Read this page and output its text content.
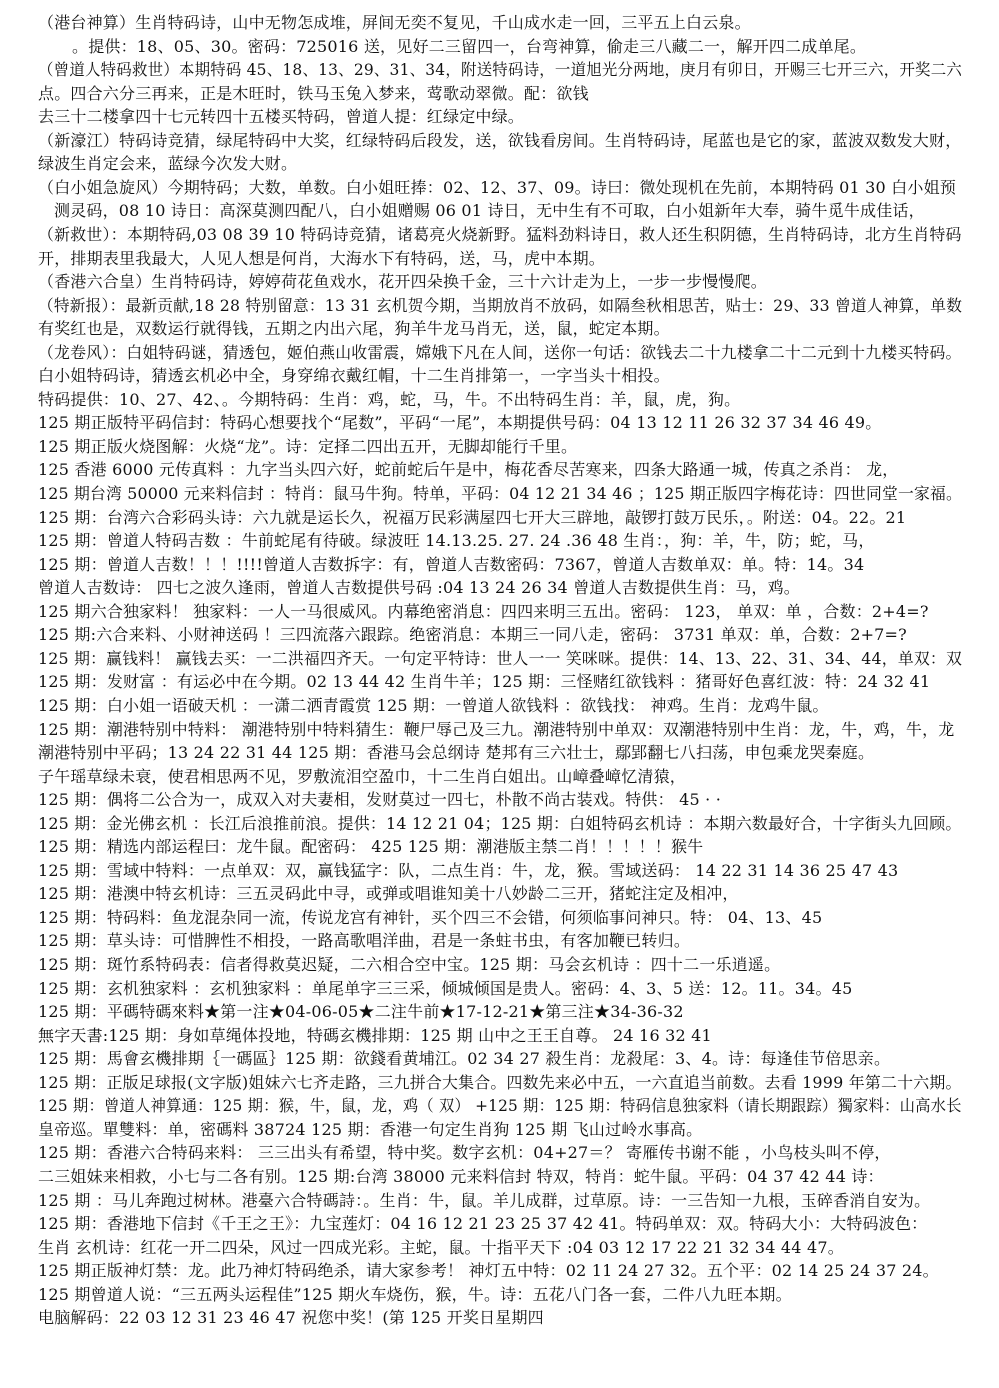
（港台神算）生肖特码诗，山中无物怎成堆，屏间无奕不复见，千山成水走一回，三平五上白云泉。
。提供：18、05、30。密码：725016 送，见好二三留四一，台弯神算，偷走三八藏二一，解开四二成单尾。
（曾道人特码救世）本期特码 45、18、13、29、31、34，附送特码诗，一道旭光分两地，庚月有卯日，开赐三七开三六，开奖二六
点。四合六分三再来，正是木旺时，铁马玉兔入梦来，莺歌动翠微。配：欲钱
去三十二楼拿四十七元转四十五楼买特码，曾道人提：红绿定中绿。
（新濠江）特码诗竞猜，绿尾特码中大奖，红绿特码后段发，送，欲钱看房间。生肖特码诗，尾蓝也是它的家，蓝波双数发大财，
绿波生肖定会来，蓝绿今次发大财。
（白小姐急旋风）今期特码；大数，单数。白小姐旺捧：02、12、37、09。诗曰：微处现机在先前，本期特码 01 30 白小姐预
测灵码，08 10 诗日：高深莫测四配八，白小姐赠赐 06 01 诗日，无中生有不可取，白小姐新年大奉，骑牛觅牛成佳话，
（新救世）：本期特码,03 08 39 10 特码诗竞猜，诸葛亮火烧新野。猛料劲料诗日，救人还生积阴德，生肖特码诗，北方生肖特码
开，排期表里我最大，人见人想是何肖，大海水下有特码，送，马，虎中本期。
（香港六合皇）生肖特码诗，婷婷荷花鱼戏水，花开四朵换千金，三十六计走为上，一步一步慢慢爬。
（特新报）：最新贡献,18 28 特别留意：13 31 玄机贺今期，当期放肖不放码，如隔叁秋相思苦，贴士：29、33 曾道人神算，单数
有奖红也是，双数运行就得钱，五期之内出六尾，狗羊牛龙马肖无，送，鼠，蛇定本期。
（龙卷风）：白姐特码谜，猜透包，姬伯燕山收雷震，嫦娥下凡在人间，送你一句话：欲钱去二十九楼拿二十二元到十九楼买特码。
白小姐特码诗，猜透玄机必中全，身穿绵衣戴红帽，十二生肖排第一，一字当头十相投。
特码提供：10、27、42、。今期特码：生肖：鸡，蛇，马，牛。不出特码生肖：羊，鼠，虎，狗。
125 期正版特平码信封：特码心想要找个“尾数”，平码“一尾”，本期提供号码：04 13 12 11 26 32 37 34 46 49。
125 期正版火烧图解：火烧“龙”。诗：定择二四出五开，无脚却能行千里。
125 香港 6000 元传真料 ：九字当头四六好，蛇前蛇后午是中，梅花香尽苦寒来，四条大路通一城，传真之杀肖： 龙，
125 期台湾 50000 元来料信封 ：特肖：鼠马牛狗。特单，平码：04 12 21 34 46 ；125 期正版四字梅花诗：四世同堂一家福。
125 期：台湾六合彩码头诗：六九就是运长久，祝福万民彩满屋四七开大三辟地，敲锣打鼓万民乐，。附送：04。22。21
125 期：曾道人特码吉数 ：牛前蛇尾有待破。绿波旺 14.13.25. 27. 24 .36 48 生肖：，狗：羊，牛，防；蛇，马，
125 期：曾道人吉数！！！!!!!曾道人吉数拆字：有，曾道人吉数密码：7367，曾道人吉数单双：单。特：14。34
曾道人吉数诗： 四七之波久逢雨，曾道人吉数提供号码 :04 13 24 26 34 曾道人吉数提供生肖：马，鸡。
125 期六合独家料！ 独家料：一人一马很威风。内幕绝密消息：四四来明三五出。密码： 123， 单双：单 ，合数：2+4=?
125 期:六合来料、小财神送码 ！三四流落六跟踪。绝密消息：本期三一同八走，密码： 3731 单双：单，合数：2+7=?
125 期：赢钱料！ 赢钱去买：一二洪福四齐天。一句定平特诗：世人一一 笑咪咪。提供：14、13、22、31、34、44，单双：双
125 期：发财富 ：有运必中在今期。02 13 44 42 生肖牛羊；125 期：三怪赌红欲钱料 ：猪哥好色喜红波：特：24 32 41
125 期：白小姐一语破天机 ：一潇二洒青霞赏 125 期：一曾道人欲钱料 ：欲钱找： 神鸡。生肖：龙鸡牛鼠。
125 期：潮港特别中特料： 潮港特别中特料猜生：鞭尸辱己及三九。潮港特别中单双：双潮港特别中生肖：龙，牛，鸡，牛，龙
潮港特别中平码；13 24 22 31 44 125 期：香港马会总纲诗 楚邦有三六壮士，鄢郢翻七八扫荡，申包乘龙哭秦庭。
子午瑶草绿未衰，使君相思两不见，罗敷流泪空盈巾，十二生肖白姐出。山嶂叠嶂忆清猿，
125 期：偶将二公合为一，成双入对夫妻相，发财莫过一四七，朴散不尚古装戏。特供： 45 · ·
125 期：金光佛玄机 ：长江后浪推前浪。提供：14 12 21 04；125 期：白姐特码玄机诗 ：本期六数最好合，十字街头九回顾。
125 期：精选内部运程曰：龙牛鼠。配密码： 425 125 期：潮港版主禁二肖！！！！！猴牛
125 期：雪域中特料：一点单双：双，赢钱猛字：队，二点生肖：牛，龙，猴。雪域送码： 14 22 31 14 36 25 47 43
125 期：港澳中特玄机诗：三五灵码此中寻，或弹或唱谁知美十八妙龄二三开，猪蛇注定及相冲，
125 期：特码料：鱼龙混杂同一流，传说龙宫有神针，买个四三不会错，何须临事问神只。特： 04、13、45
125 期：草头诗：可惜脾性不相投，一路高歌唱洋曲，君是一条蛀书虫，有客加鞭已转归。
125 期：斑竹系特码表：信者得救莫迟疑，二六相合空中宝。125 期：马会玄机诗 ：四十二一乐逍遥。
125 期：玄机独家料 ：玄机独家料 ：单尾单字三三采，倾城倾国是贵人。密码：4、3、5 送：12。11。34。45
125 期：平碼特碼來料★第一注★04-06-05★二注牛前★17-12-21★第三注★34-36-32
無字天書:125 期：身如草绳体投地，特碼玄機排期：125 期 山中之王王自尊。 24 16 32 41
125 期：馬會玄機排期｛一碼區｝125 期：欲錢看黄埔江。02 34 27 殺生肖：龙殺尾：3、4。诗：每逢佳节倍思亲。
125 期：正版足球报(文字版)姐妹六七齐走路，三九拼合大集合。四数先来必中五，一六直追当前数。去看 1999 年第二十六期。
125 期：曾道人神算通：125 期：猴，牛，鼠，龙，鸡（ 双） +125 期：125 期：特码信息独家料（请长期跟踪）獨家料：山高水长
皇帝巡。單雙料：单，密碼料 38724 125 期：香港一句定生肖狗 125 期 飞山过岭水事高。
125 期：香港六合特码来料： 三三出头有希望，特中奖。数字玄机：04+27＝？ 寄雁传书谢不能 ，小鸟枝头叫不停，
二三姐妹来相救，小七与二各有别。125 期:台湾 38000 元来料信封 特双，特肖：蛇牛鼠。平码：04 37 42 44 诗：
125 期 ：马儿奔跑过树林。港臺六合特碼詩：。生肖：牛，鼠。羊儿成群，过草原。诗：一三告知一九根，玉碎香消自安为。
125 期：香港地下信封《千王之王》：九宝莲灯：04 16 12 21 23 25 37 42 41。特码单双：双。特码大小：大特码波色：
生肖 玄机诗：红花一开二四朵，风过一四成光彩。主蛇，鼠。十指平天下 :04 03 12 17 22 21 32 34 44 47。
125 期正版神灯禁：龙。此乃神灯特码绝杀，请大家参考！ 神灯五中特：02 11 24 27 32。五个平：02 14 25 24 37 24。
125 期曾道人说：“三五两头运程佳”125 期火车烧伤，猴，牛。诗：五花八门各一套，二件八九旺本期。
电脑解码：22 03 12 31 23 46 47 祝您中奖！(第 125 开奖日星期四
